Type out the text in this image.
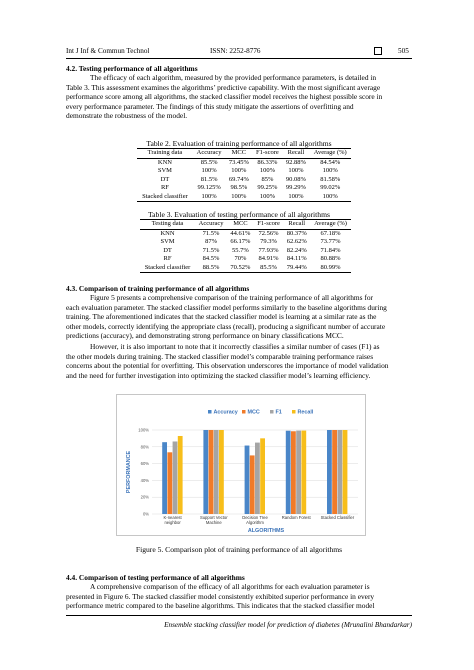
Int J Inf & Commun Technol	ISSN: 2252-8776	505
4.2. Testing performance of all algorithms

The efficacy of each algorithm, measured by the provided performance parameters, is detailed in
Table 3. This assessment examines the algorithms’ predictive capability. With the most significant average
performance score among all algorithms, the stacked classifier model receives the highest possible score in
every performance parameter. The findings of this study mitigate the assertions of overfitting and
demonstrate the robustness of the model.

Table 2. Evaluation of training performance of all algorithms
Training data	Accuracy	MCC	F1-score	Recall	Average (%)
KNN	85.5%	73.45%	86.33%	92.88%	84.54%
SVM	100%	100%	100%	100%	100%
DT	81.5%	69.74%	85%	90.08%	81.58%
RF	99.125%	98.5%	99.25%	99.29%	99.02%
Stacked classifier	100%	100%	100%	100%	100%
Table 3. Evaluation of testing performance of all algorithms
Testing data	Accuracy	MCC	F1-score	Recall	Average (%)
KNN	71.5%	44.61%	72.56%	80.37%	67.18%
SVM	87%	66.17%	79.3%	62.62%	73.77%
DT	71.5%	55.7%	77.93%	82.24%	71.84%
RF	84.5%	70%	84.91%	84.11%	80.88%
Stacked classifier	88.5%	70.52%	85.5%	79.44%	80.99%
4.3. Comparison of training performance of all algorithms

Figure 5 presents a comprehensive comparison of the training performance of all algorithms for
each evaluation parameter. The stacked classifier model performs similarly to the baseline algorithms during
training. The aforementioned indicates that the stacked classifier model is learning at a similar rate as the
other models, correctly identifying the appropriate class (recall), producing a significant number of accurate
predictions (accuracy), and demonstrating strong performance on binary classifications MCC.

However, it is also important to note that it incorrectly classifies a similar number of cases (F1) as
the other models during training. The stacked classifier model’s comparable training performance raises
concerns about the potential for overfitting. This observation underscores the importance of model validation
and the need for further investigation into optimizing the stacked classifier model’s learning efficiency.

Accuracy MCC	F1	Recall
0%
20%
40%
60%
80%
100%
K-nearest neighbor
Support Vector Machine
Decision Tree Algorithm
Random Forest Stacked Classifier
PERFORMANCE
ALGORITHMS
Figure 5. Comparison plot of training performance of all algorithms
4.4. Comparison of testing performance of all algorithms

A comprehensive comparison of the efficacy of all algorithms for each evaluation parameter is
presented in Figure 6. The stacked classifier model consistently exhibited superior performance in every
performance metric compared to the baseline algorithms. This indicates that the stacked classifier model

Ensemble stacking classifier model for prediction of diabetes (Mrunalini Bhandarkar)
